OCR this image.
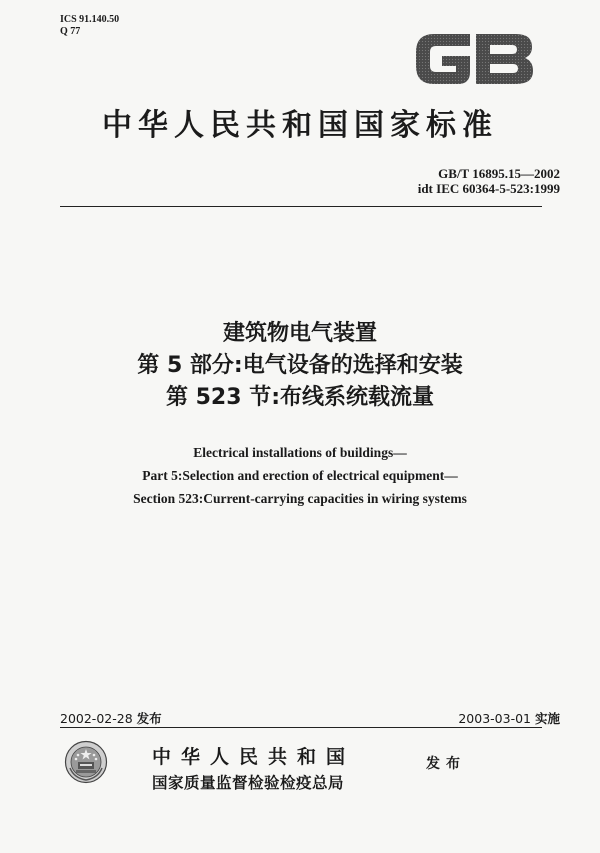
ICS 91.140.50
Q 77	GB
中华人民共和国国家标准
GB/T 16895.15—2002
idt IEC 60364-5-523:1999
建筑物电气装置
第 5 部分:电气设备的选择和安装
第 523 节:布线系统载流量
Electrical installations of buildings—
Part 5:Selection and erection of electrical equipment—
Section 523:Current-carrying capacities in wiring systems
2002-02-28 发布	2003-03-01 实施
中华人民共和国
国家质量监督检验检疫总局
发布
